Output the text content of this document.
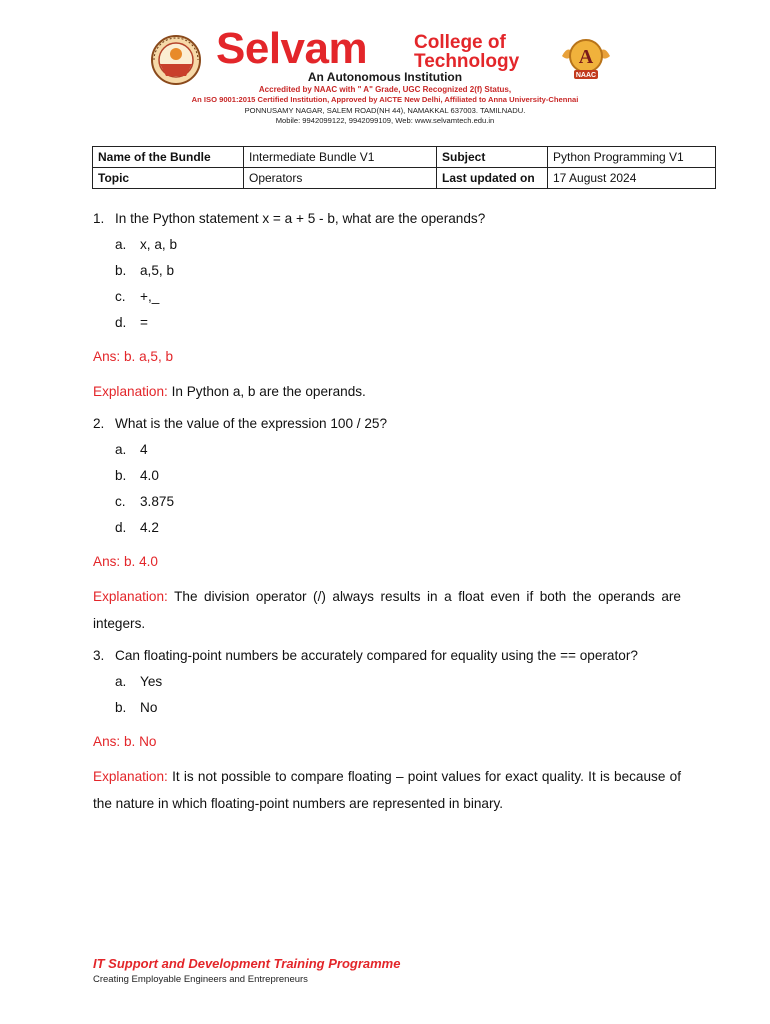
Selvam College of
Technology	A
NAAC
An Autonomous Institution
Accredited by NAAC with " A" Grade, UGC Recognized 2(f) Status,
An ISO 9001:2015 Certified Institution, Approved by AICTE New Delhi, Affiliated to Anna University-Chennai
PONNUSAMY NAGAR, SALEM ROAD(NH 44), NAMAKKAL 637003. TAMILNADU.
Mobile: 9942099122, 9942099109, Web: www.selvamtech.edu.in
Name of the Bundle	Intermediate Bundle V1	Subject	Python Programming V1
Topic	Operators	Last updated on	17 August 2024
1. In the Python statement x = a + 5 - b, what are the operands?
a.	x, a, b
b.	a,5, b
c.	+,_
d.	=
Ans: b. a,5, b
Explanation: In Python a, b are the operands.
2. What is the value of the expression 100 / 25?
a.	4
b.	4.0
c.	3.875
d.	4.2
Ans: b. 4.0
Explanation: The division operator (/) always results in a float even if both the operands are integers.
3. Can floating-point numbers be accurately compared for equality using the == operator?
a.	Yes
b.	No
Ans: b. No
Explanation: It is not possible to compare floating – point values for exact quality. It is because of the nature in which floating-point numbers are represented in binary.
IT Support and Development Training Programme
Creating Employable Engineers and Entrepreneurs
